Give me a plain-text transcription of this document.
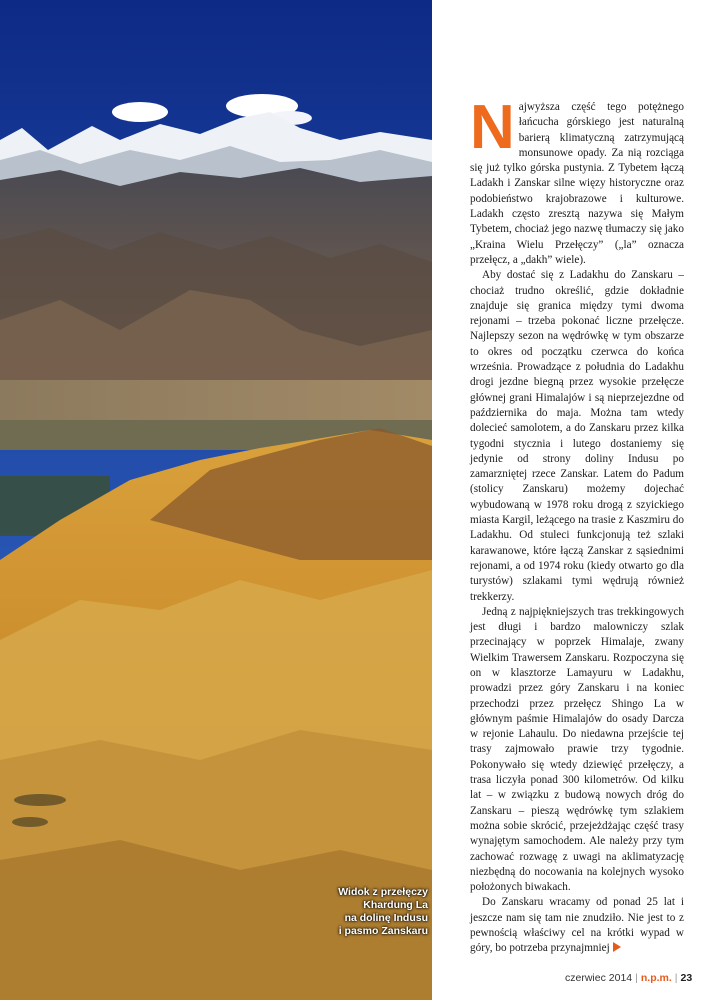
Widok z przełęczy
Khardung La
na dolinę Indusu
i pasmo Zanskaru

Najwyższa część tego potężnego łańcucha górskiego jest naturalną barierą klimatyczną zatrzymującą monsunowe opady. Za nią rozciąga się już tylko górska pustynia. Z Tybetem łączą Ladakh i Zanskar silne więzy historyczne oraz podobieństwo krajobrazowe i kulturowe. Ladakh często zresztą nazywa się Małym Tybetem, chociaż jego nazwę tłumaczy się jako „Kraina Wielu Przełęczy” („la” oznacza przełęcz, a „dakh” wiele).

Aby dostać się z Ladakhu do Zanskaru – chociaż trudno określić, gdzie dokładnie znajduje się granica między tymi dwoma rejonami – trzeba pokonać liczne przełęcze. Najlepszy sezon na wędrówkę w tym obszarze to okres od początku czerwca do końca września. Prowadzące z południa do Ladakhu drogi jezdne biegną przez wysokie przełęcze głównej grani Himalajów i są nieprzejezdne od października do maja. Można tam wtedy dolecieć samolotem, a do Zanskaru przez kilka tygodni stycznia i lutego dostaniemy się jedynie od strony doliny Indusu po zamarzniętej rzece Zanskar. Latem do Padum (stolicy Zanskaru) możemy dojechać wybudowaną w 1978 roku drogą z szyickiego miasta Kargil, leżącego na trasie z Kaszmiru do Ladakhu. Od stuleci funkcjonują też szlaki karawanowe, które łączą Zanskar z sąsiednimi rejonami, a od 1974 roku (kiedy otwarto go dla turystów) szlakami tymi wędrują również trekkerzy.

Jedną z najpiękniejszych tras trekkingowych jest długi i bardzo malowniczy szlak przecinający w poprzek Himalaje, zwany Wielkim Trawersem Zanskaru. Rozpoczyna się on w klasztorze Lamayuru w Ladakhu, prowadzi przez góry Zanskaru i na koniec przechodzi przez przełęcz Shingo La w głównym paśmie Himalajów do osady Darcza w rejonie Lahaulu. Do niedawna przejście tej trasy zajmowało prawie trzy tygodnie. Pokonywało się wtedy dziewięć przełęczy, a trasa liczyła ponad 300 kilometrów. Od kilku lat – w związku z budową nowych dróg do Zanskaru – pieszą wędrówkę tym szlakiem można sobie skrócić, przejeżdżając część trasy wynajętym samochodem. Ale należy przy tym zachować rozwagę z uwagi na aklimatyzację niezbędną do nocowania na kolejnych wysoko położonych biwakach.

Do Zanskaru wracamy od ponad 25 lat i jeszcze nam się tam nie znudziło. Nie jest to z pewnością właściwy cel na krótki wypad w góry, bo potrzeba przynajmniej

czerwiec 2014 | n.p.m. | 23
